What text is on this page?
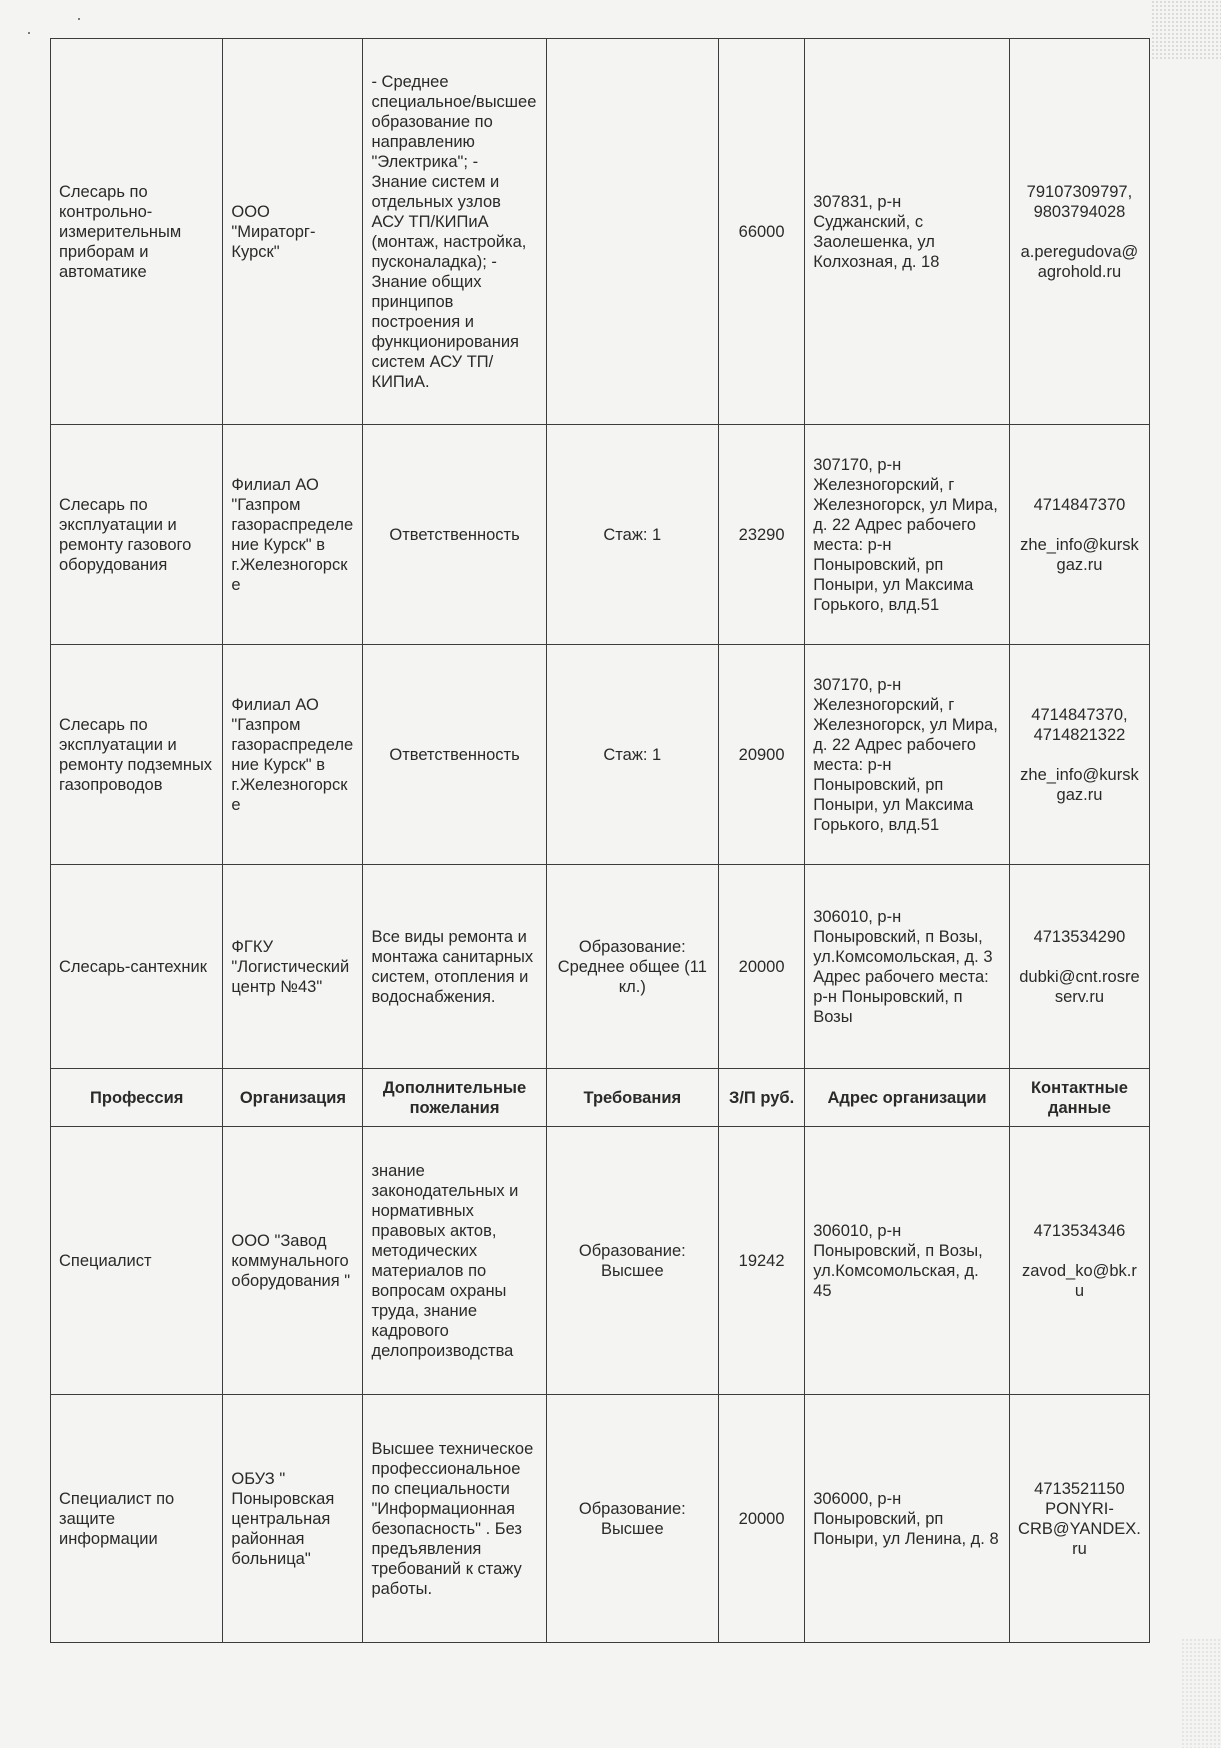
Слесарь по контрольно-измерительным приборам и автоматике	ООО "Мираторг-Курск"	- Среднее специальное/высшее образование по направлению "Электрика"; - Знание систем и отдельных узлов АСУ ТП/КИПиА (монтаж, настройка, пусконаладка); - Знание общих принципов построения и функционирования систем АСУ ТП/КИПиА.		66000	307831, р-н Суджанский, с Заолешенка, ул Колхозная, д. 18	79107309797, 9803794028
a.peregudova@agrohold.ru

Слесарь по эксплуатации и ремонту газового оборудования	Филиал АО "Газпром газораспределение Курск" в г.Железногорске	Ответственность	Стаж: 1	23290	307170, р-н Железногорский, г Железногорск, ул Мира, д. 22 Адрес рабочего места: р-н Поныровский, рп Поныри, ул Максима Горького, влд.51	4714847370
zhe_info@kurskgaz.ru

Слесарь по эксплуатации и ремонту подземных газопроводов	Филиал АО "Газпром газораспределение Курск" в г.Железногорске	Ответственность	Стаж: 1	20900	307170, р-н Железногорский, г Железногорск, ул Мира, д. 22 Адрес рабочего места: р-н Поныровский, рп Поныри, ул Максима Горького, влд.51	4714847370, 4714821322
zhe_info@kurskgaz.ru

Слесарь-сантехник	ФГКУ "Логистический центр №43"	Все виды ремонта и монтажа санитарных систем, отопления и водоснабжения.	Образование: Среднее общее (11 кл.)	20000	306010, р-н Поныровский, п Возы, ул.Комсомольская, д. 3 Адрес рабочего места: р-н Поныровский, п Возы	4713534290
dubki@cnt.rosreserv.ru

Профессия	Организация	Дополнительные пожелания	Требования	З/П руб.	Адрес организации	Контактные данные
Специалист	ООО "Завод коммунального оборудования "	знание законодательных и нормативных правовых актов, методических материалов по вопросам охраны труда, знание кадрового делопроизводства	Образование: Высшее	19242	306010, р-н Поныровский, п Возы, ул.Комсомольская, д. 45	4713534346
zavod_ko@bk.ru

Специалист по защите информации	ОБУЗ " Поныровская центральная районная больница"	Высшее техническое профессиональное по специальности "Информационная безопасность" . Без предъявления требований к стажу работы.	Образование: Высшее	20000	306000, р-н Поныровский, рп Поныри, ул Ленина, д. 8	4713521150
PONYRI-CRB@YANDEX.ru
